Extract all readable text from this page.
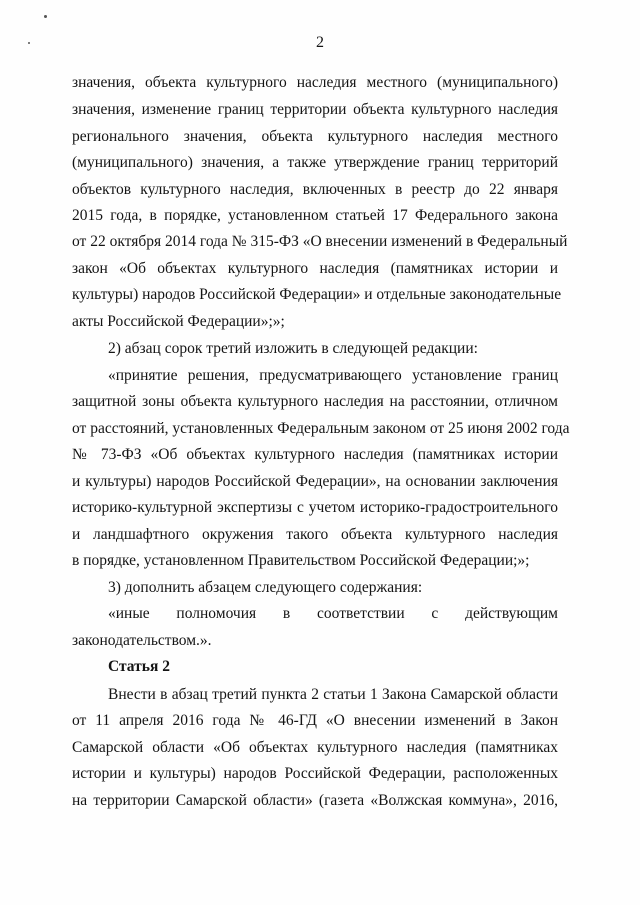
2
значения, объекта культурного наследия местного (муниципального)
значения, изменение границ территории объекта культурного наследия
регионального значения, объекта культурного наследия местного
(муниципального) значения, а также утверждение границ территорий
объектов культурного наследия, включенных в реестр до 22 января
2015 года, в порядке, установленном статьей 17 Федерального закона
от 22 октября 2014 года № 315-ФЗ «О внесении изменений в Федеральный
закон «Об объектах культурного наследия (памятниках истории и
культуры) народов Российской Федерации» и отдельные законодательные
акты Российской Федерации»;»;
2) абзац сорок третий изложить в следующей редакции:
«принятие решения, предусматривающего установление границ
защитной зоны объекта культурного наследия на расстоянии, отличном
от расстояний, установленных Федеральным законом от 25 июня 2002 года
№ 73-ФЗ «Об объектах культурного наследия (памятниках истории
и культуры) народов Российской Федерации», на основании заключения
историко-культурной экспертизы с учетом историко-градостроительного
и ландшафтного окружения такого объекта культурного наследия
в порядке, установленном Правительством Российской Федерации;»;
3) дополнить абзацем следующего содержания:
«иные полномочия в соответствии с действующим
законодательством.».
Статья 2
Внести в абзац третий пункта 2 статьи 1 Закона Самарской области
от 11 апреля 2016 года № 46-ГД «О внесении изменений в Закон
Самарской области «Об объектах культурного наследия (памятниках
истории и культуры) народов Российской Федерации, расположенных
на территории Самарской области» (газета «Волжская коммуна», 2016,
